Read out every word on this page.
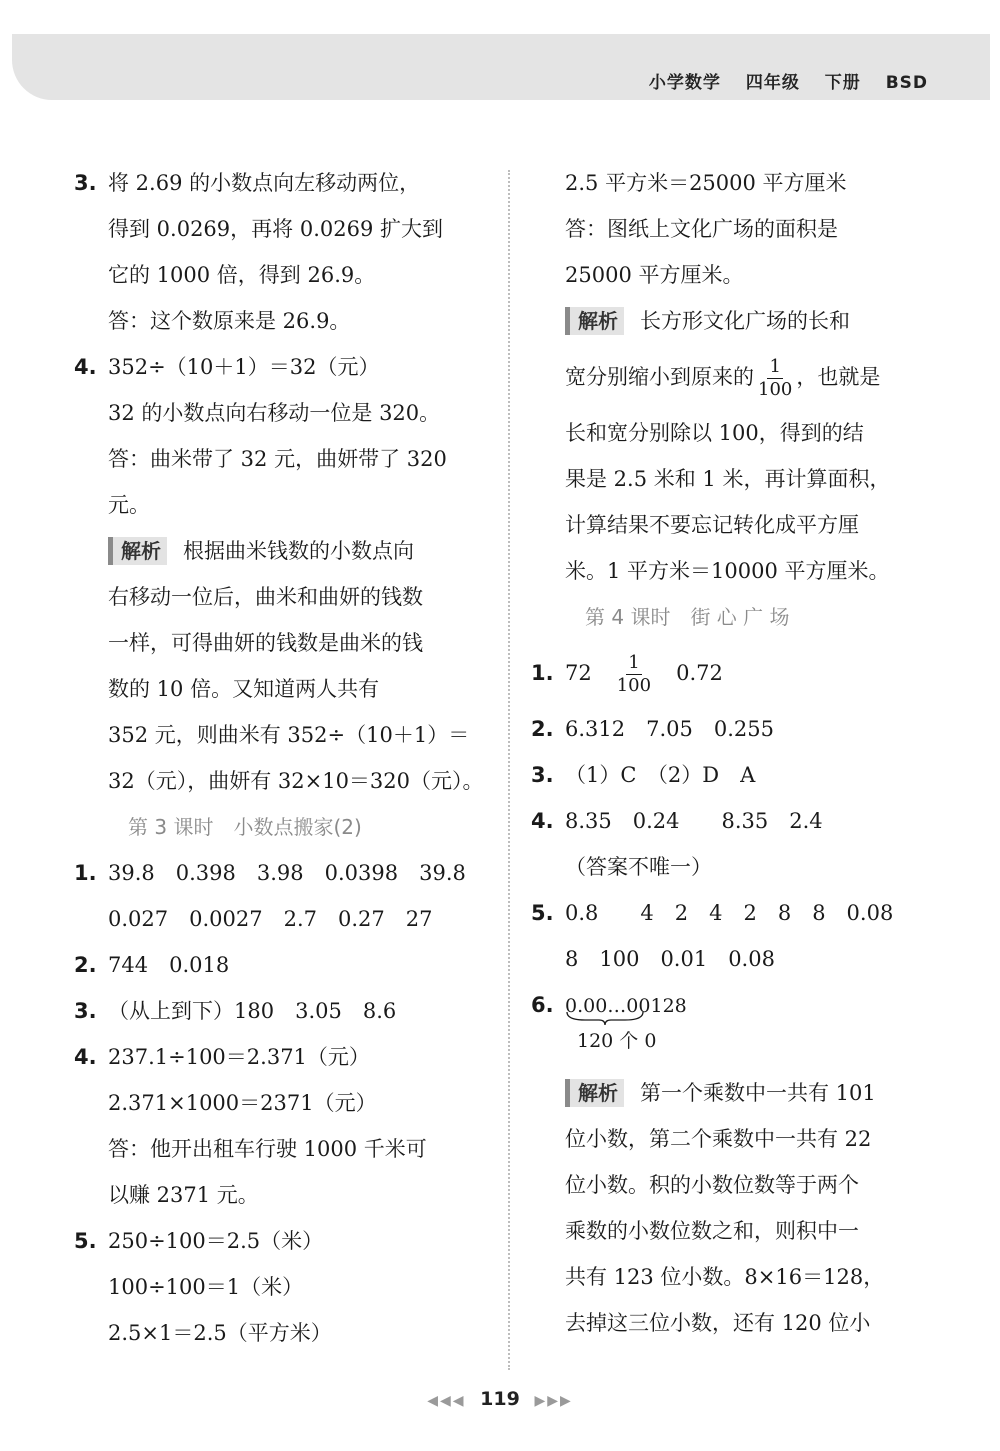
小学数学 四年级 下册 BSD
3. 将 2.69 的小数点向左移动两位，
得到 0.0269，再将 0.0269 扩大到
它的 1000 倍，得到 26.9。
答：这个数原来是 26.9。
4. 352÷（10＋1）＝32（元）
32 的小数点向右移动一位是 320。
答：曲米带了 32 元，曲妍带了 320
元。
解析 根据曲米钱数的小数点向
右移动一位后，曲米和曲妍的钱数
一样，可得曲妍的钱数是曲米的钱
数的 10 倍。又知道两人共有
352 元，则曲米有 352÷（10＋1）＝
32（元），曲妍有 32×10＝320（元）。
第 3 课时　小数点搬家(2)
1. 39.8　0.398　3.98　0.0398　39.8
0.027　0.0027　2.7　0.27　27
2. 744　0.018
3. （从上到下）180　3.05　8.6
4. 237.1÷100＝2.371（元）
2.371×1000＝2371（元）
答：他开出租车行驶 1000 千米可
以赚 2371 元。
5. 250÷100＝2.5（米）
100÷100＝1（米）
2.5×1＝2.5（平方米）
2.5 平方米＝25000 平方厘米
答：图纸上文化广场的面积是
25000 平方厘米。
解析 长方形文化广场的长和
宽分别缩小到原来的 $\frac{1}{100}$ ，也就是
长和宽分别除以 100，得到的结
果是 2.5 米和 1 米，再计算面积，
计算结果不要忘记转化成平方厘
米。1 平方米＝10000 平方厘米。
第 4 课时　街 心 广 场
1. 72　 $\frac{1}{100}$
　 0.72
2. 6.312　7.05　0.255
3. （1）C　（2）D　A
4. 8.35　0.24　　8.35　2.4
（答案不唯一）
5. 0.8　　4　2　4　2　8　8　0.08
8　100　0.01　0.08
6. 0.00…00128
120 个 0
解析 第一个乘数中一共有 101
位小数，第二个乘数中一共有 22
位小数。积的小数位数等于两个
乘数的小数位数之和，则积中一
共有 123 位小数。8×16＝128，
去掉这三位小数，还有 120 位小
◀◀◀ 119 ▶▶▶
